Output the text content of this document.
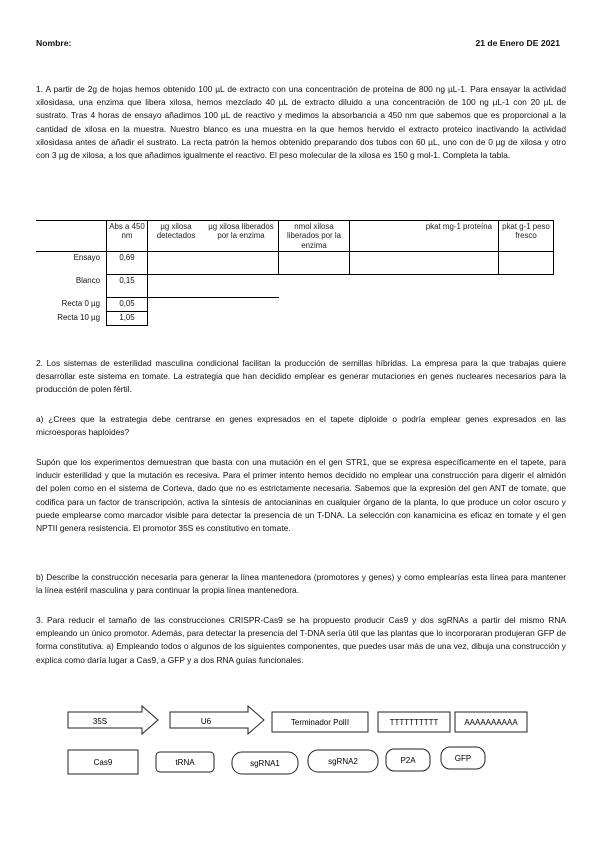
Nombre:	21 de Enero DE 2021
1. A partir de 2g de hojas hemos obtenido 100 µL de extracto con una concentración de proteína de 800 ng µL-1. Para ensayar la actividad xilosidasa, una enzima que libera xilosa, hemos mezclado 40 µL de extracto diluido a una concentración de 100 ng µL-1 con 20 µL de sustrato. Tras 4 horas de ensayo añadimos 100 µL de reactivo y medimos la absorbancia a 450 nm que sabemos que es proporcional a la cantidad de xilosa en la muestra. Nuestro blanco es una muestra en la que hemos hervido el extracto proteico inactivando la actividad xilosidasa antes de añadir el sustrato. La recta patrón la hemos obtenido preparando dos tubos con 60 µL, uno con de 0 µg de xilosa y otro con 3 µg de xilosa, a los que añadimos igualmente el reactivo. El peso molecular de la xilosa es 150 g mol-1. Completa la tabla.
	Abs a 450 nm	µg xilosa detectados	µg xilosa liberados por la enzima	nmol xilosa liberados por la enzima	pkat mg-1 proteína	pkat g-1 peso fresco
Ensayo	0,69					
Blanco	0,15					
Recta 0 µg	0,05					
Recta 10 µg	1,05					
2. Los sistemas de esterilidad masculina condicional facilitan la producción de semillas híbridas. La empresa para la que trabajas quiere desarrollar este sistema en tomate. La estrategia que han decidido emplear es generar mutaciones en genes nucleares necesarios para la producción de polen fértil.
a) ¿Crees que la estrategia debe centrarse en genes expresados en el tapete diploide o podría emplear genes expresados en las microesporas haploides?
Supón que los experimentos demuestran que basta con una mutación en el gen STR1, que se expresa específicamente en el tapete, para inducir esterilidad y que la mutación es recesiva. Para el primer intento hemos decidido no emplear una construcción para digerir el almidón del polen como en el sistema de Corteva, dado que no es estrictamente necesaria. Sabemos que la expresión del gen ANT de tomate, que codifica para un factor de transcripción, activa la síntesis de antocianinas en cualquier órgano de la planta, lo que produce un color oscuro y puede emplearse como marcador visible para detectar la presencia de un T-DNA. La selección con kanamicina es eficaz en tomate y el gen NPTII genera resistencia. El promotor 35S es constitutivo en tomate.
b) Describe la construcción necesaria para generar la línea mantenedora (promotores y genes) y como emplearías esta línea para mantener la línea estéril masculina y para continuar la propia línea mantenedora.
3. Para reducir el tamaño de las construcciones CRISPR-Cas9 se ha propuesto producir Cas9 y dos sgRNAs a partir del mismo RNA empleando un único promotor. Además, para detectar la presencia del T-DNA sería útil que las plantas que lo incorporaran produjeran GFP de forma constitutiva. a) Empleando todos o algunos de los siguientes componentes, que puedes usar más de una vez, dibuja una construcción y explica como daría lugar a Cas9, a GFP y a dos RNA guías funcionales.
35S	U6	Terminador PolII	TTTTTTTTTT	AAAAAAAAAA
Cas9	tRNA	sgRNA1	sgRNA2	P2A	GFP
